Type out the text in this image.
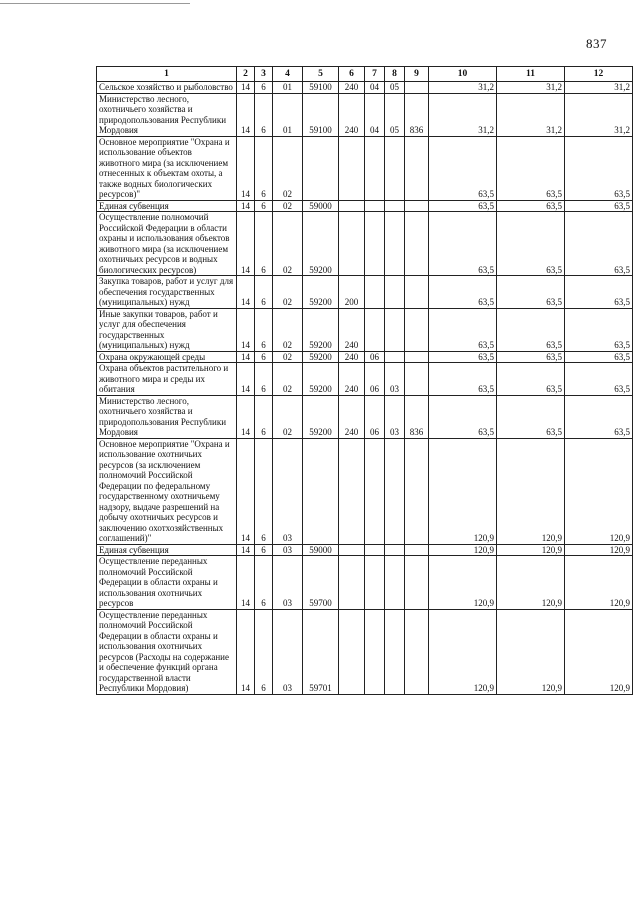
837
1	2	3	4	5	6	7	8	9	10	11	12
Сельское хозяйство и рыболовство	14	6	01	59100	240	04	05		31,2	31,2	31,2
Министерство лесного, охотничьего хозяйства и природопользования Республики Мордовия	14	6	01	59100	240	04	05	836	31,2	31,2	31,2
Основное мероприятие "Охрана и использование объектов животного мира (за исключением отнесенных к объектам охоты, а также водных биологических ресурсов)"	14	6	02						63,5	63,5	63,5
Единая субвенция	14	6	02	59000					63,5	63,5	63,5
Осуществление полномочий Российской Федерации в области охраны и использования объектов животного мира (за исключением охотничьих ресурсов и водных биологических ресурсов)	14	6	02	59200					63,5	63,5	63,5
Закупка товаров, работ и услуг для обеспечения государственных (муниципальных) нужд	14	6	02	59200	200				63,5	63,5	63,5
Иные закупки товаров, работ и услуг для обеспечения государственных (муниципальных) нужд	14	6	02	59200	240				63,5	63,5	63,5
Охрана окружающей среды	14	6	02	59200	240	06			63,5	63,5	63,5
Охрана объектов растительного и животного мира и среды их обитания	14	6	02	59200	240	06	03		63,5	63,5	63,5
Министерство лесного, охотничьего хозяйства и природопользования Республики Мордовия	14	6	02	59200	240	06	03	836	63,5	63,5	63,5
Основное мероприятие "Охрана и использование охотничьих ресурсов (за исключением полномочий Российской Федерации по федеральному государственному охотничьему надзору, выдаче разрешений на добычу охотничьих ресурсов и заключению охотхозяйственных соглашений)"	14	6	03						120,9	120,9	120,9
Единая субвенция	14	6	03	59000					120,9	120,9	120,9
Осуществление переданных полномочий Российской Федерации в области охраны и использования охотничьих ресурсов	14	6	03	59700					120,9	120,9	120,9
Осуществление переданных полномочий Российской Федерации в области охраны и использования охотничьих ресурсов (Расходы на содержание и обеспечение функций органа государственной власти Республики Мордовия)	14	6	03	59701					120,9	120,9	120,9
